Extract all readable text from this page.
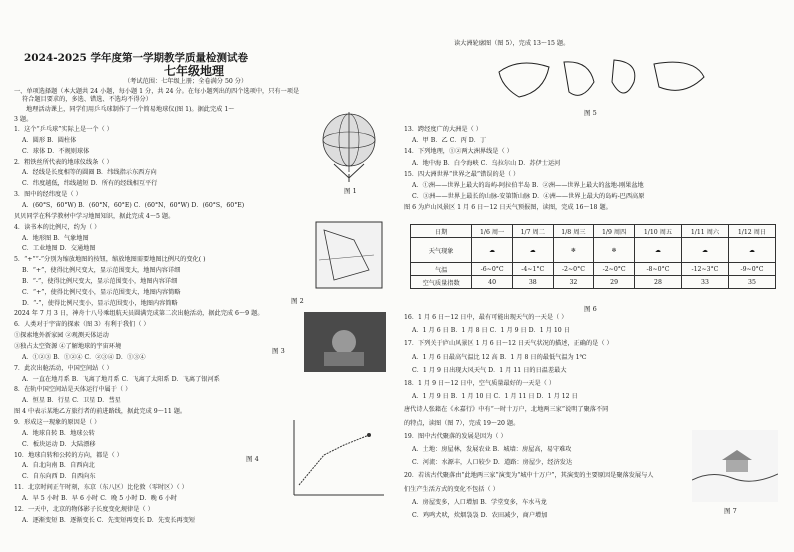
2024-2025 学年度第一学期教学质量检测试卷
七年级地理
（考试范围：七年级上册；全卷满分 50 分）
一、单项选择题（本大题共 24 小题，每小题 1 分，共 24 分。在每小题列出的四个选项中，只有一项是
符合题目要求的，多选、错选、不选均不得分）
地理活动课上，同学们用乒乓球制作了一个简易地球仪(图 1)。据此完成 1～
3 题。
1．这个“乒乓球”实际上是一个（ ）
A．圆形 B．圆柱体
C．球体 D．不规则球体
2．粗铁丝所代表的地球仪线条（ ）
A．经线是长度相等的圆圈 B．纬线指示东西方向
C．纬度越低，纬线越短 D．所有的经线相互平行
3．图中的经纬度是（ ）
A．(60°S，60°W) B．(60°N，60°E) C．(60°N，60°W) D．(60°S，60°E)
贝贝同学在科学教材中学习地图知识，据此完成 4～5 题。
4．读书本的比例尺，约为（ ）
A．地形图 B．气象地图
C．工业地图 D．交通地图
5．“+”“-”分别为缩放地图的按钮，缩放地图需要地图比例尺的变化( )
B．“+”，使得比例尺变大，显示范围变大，地图内容详细
B．“-”，使得比例尺变大，显示范围变小，地图内容详细
C．“+”，使得比例尺变小，显示范围变大，地图内容简略
D．“-”，使得比例尺变小，显示范围变小，地图内容简略
2024 年 7 月 3 日，神舟十八号乘组航天员圆满完成第二次出舱活动，据此完成 6～9 题。
6．人类对于宇宙的探索（图 3）有利于我们（ ）
①探索地外新家园 ②观测天体运动
③独占太空资源 ④了解地球的宇宙环境
A．①②③ B．①②④ C．②③④ D．①③④
7．此次出舱活动，中国空间站（ ）
A．一直在地月系 B．飞离了地月系 C．飞离了太阳系 D．飞离了银河系
8．在轨中国空间站是天体运行中属于（ ）
A．恒星 B．行星 C．卫星 D．彗星
图 4 中表示某地乙方旅行者的前进路线，据此完成 9～11 题。
9．形成这一现象的原因是（ ）
A．地球自转 B．地球公转
C．板块运动 D．大陆漂移
10．地球自转和公转的方向，都是（ ）
A．自北向南 B．自西向北
C．自东向西 D．自西向东
11．北京时间正午时刻，东京（东八区）比伦敦（零时区）（ ）
A．早 5 小时 B．早 6 小时 C．晚 5 小时 D．晚 6 小时
12．一天中，北京的物体影子长度变化规律是（ ）
A．逐渐变短 B．逐渐变长 C．先变短再变长 D．先变长再变短
图 1
图 2
图 3
图 4
读大洲轮廓图（图 5），完成 13～15 题。
图 5
13．跨经度广的大洲是（ ）
A．甲 B．乙 C．丙 D．丁
14．下列地理，①②两大洲界线是（ ）
A．地中海 B．白令海峡 C．乌拉尔山 D．苏伊士运河
15．四大洲世界“世界之最”错误的是（ ）
A．①洲——世界上最大的岛屿-阿拉伯半岛 B．②洲——世界上最大的盆地-刚果盆地
C．③洲——世界上最长的山脉-安第斯山脉 D．④洲——世界上最大的岛屿-巴西高原
图 6 为庐山风景区 1 月 6 日～12 日天气预报图，读图，完成 16～18 题。
日期	1/6 周一	1/7 周二	1/8 周三	1/9 周四	1/10 周五	1/11 周六	1/12 周日
天气现象	☁	☁	❄	❄	☁	☁	☁
气温	-6~0°C	-4~1°C	-2~0°C	-2~0°C	-8~0°C	-12~3°C	-9~0°C
空气质量指数	40	38	32	29	28	33	35
图 6
16．1 月 6 日～12 日中，最有可能出现天气的一天是（ ）
A．1 月 6 日 B．1 月 8 日 C．1 月 9 日 D．1 月 10 日
17．下列关于庐山风景区 1 月 6 日～12 日天气状况的描述，正确的是（ ）
A．1 月 6 日最高气温比 12 高 B．1 月 8 日的最低气温为 1℃
C．1 月 9 日出现大风天气 D．1 月 11 日的日温差最大
18．1 月 9 日～12 日中，空气质量最好的一天是（ ）
A．1 月 9 日 B．1 月 10 日 C．1 月 11 日 D．1 月 12 日
唐代诗人张籍在《永嘉行》中有“一时十万户，北地两三家”说明了聚落不同
的特点，读图（图 7），完成 19～20 题。
19．图中古代聚落的发展是因为（ ）
A．土地：房屋林，发展农业 B．城墙：房屋高，易守难攻
C．河流：水源丰，人口较少 D．道路：房屋少，经济发达
20．若该古代聚落由“此地两三家”演变为“城中十万户”，其演变的主要原因是聚落发展与人
们生产生活方式的变化不包括（ ）
A．房屋变多，人口增加 B．学堂变多，车水马龙
C．鸡鸣犬吠，炊烟袅袅 D．农田减少，商户增加
图 7
